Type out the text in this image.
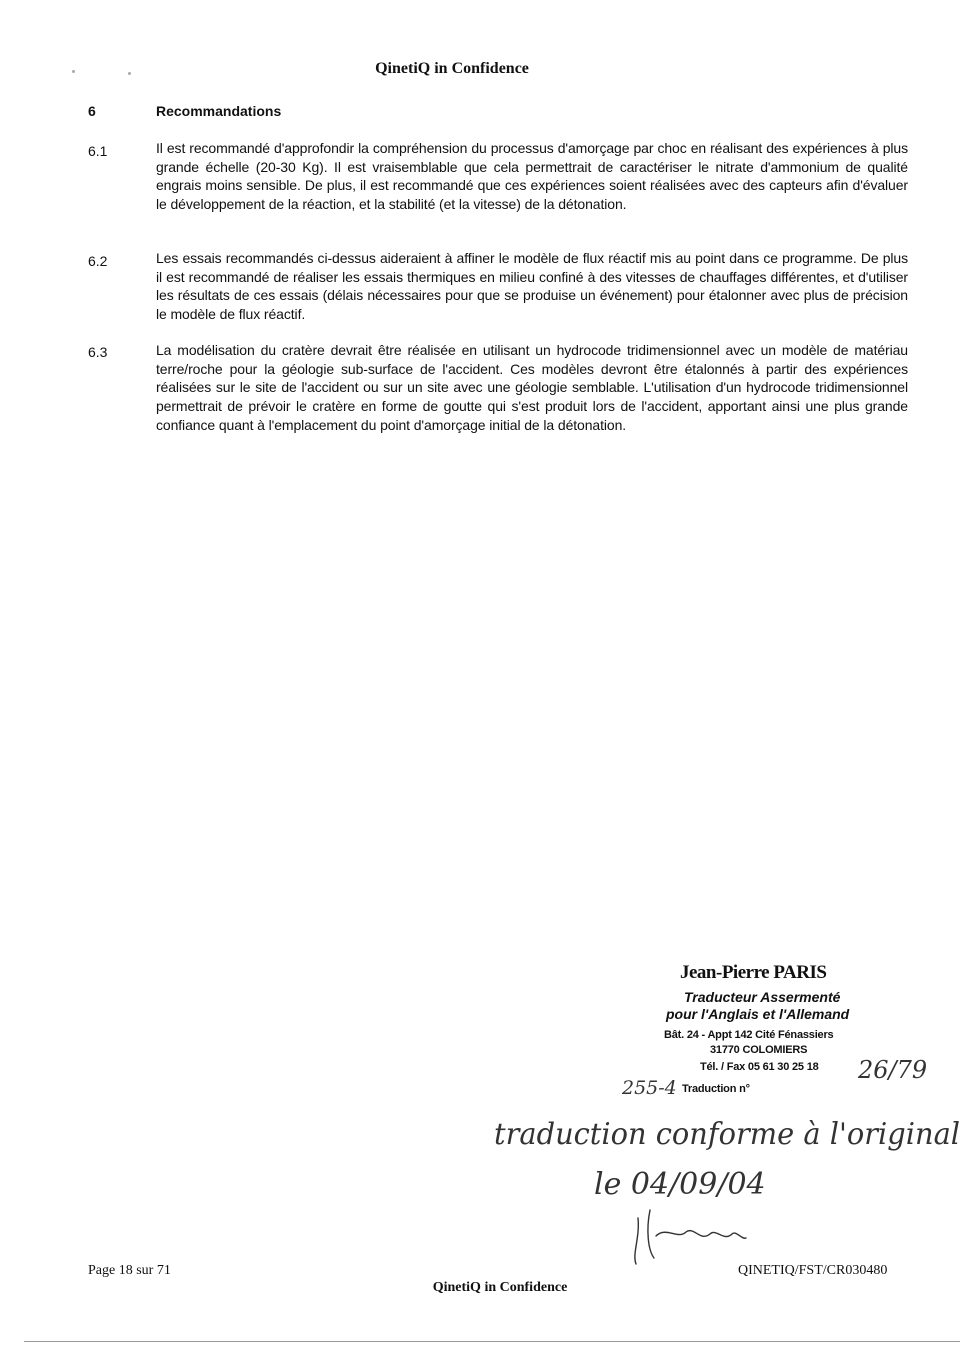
QinetiQ in Confidence
6	Recommandations
6.1	Il est recommandé d'approfondir la compréhension du processus d'amorçage par choc en réalisant des expériences à plus grande échelle (20-30 Kg). Il est vraisemblable que cela permettrait de caractériser le nitrate d'ammonium de qualité engrais moins sensible. De plus, il est recommandé que ces expériences soient réalisées avec des capteurs afin d'évaluer le développement de la réaction, et la stabilité (et la vitesse) de la détonation.
6.2	Les essais recommandés ci-dessus aideraient à affiner le modèle de flux réactif mis au point dans ce programme. De plus il est recommandé de réaliser les essais thermiques en milieu confiné à des vitesses de chauffages différentes, et d'utiliser les résultats de ces essais (délais nécessaires pour que se produise un événement) pour étalonner avec plus de précision le modèle de flux réactif.
6.3	La modélisation du cratère devrait être réalisée en utilisant un hydrocode tridimensionnel avec un modèle de matériau terre/roche pour la géologie sub-surface de l'accident. Ces modèles devront être étalonnés à partir des expériences réalisées sur le site de l'accident ou sur un site avec une géologie semblable. L'utilisation d'un hydrocode tridimensionnel permettrait de prévoir le cratère en forme de goutte qui s'est produit lors de l'accident, apportant ainsi une plus grande confiance quant à l'emplacement du point d'amorçage initial de la détonation.
Jean-Pierre PARIS
Traducteur Assermenté
pour l'Anglais et l'Allemand
Bât. 24 - Appt 142 Cité Fénassiers
31770 COLOMIERS
Tél. / Fax 05 61 30 25 18
Traduction n°
26/79
255-4
traduction conforme à l'original
le 04/09/04
Page 18 sur 71	QINETIQ/FST/CR030480
QinetiQ in Confidence
